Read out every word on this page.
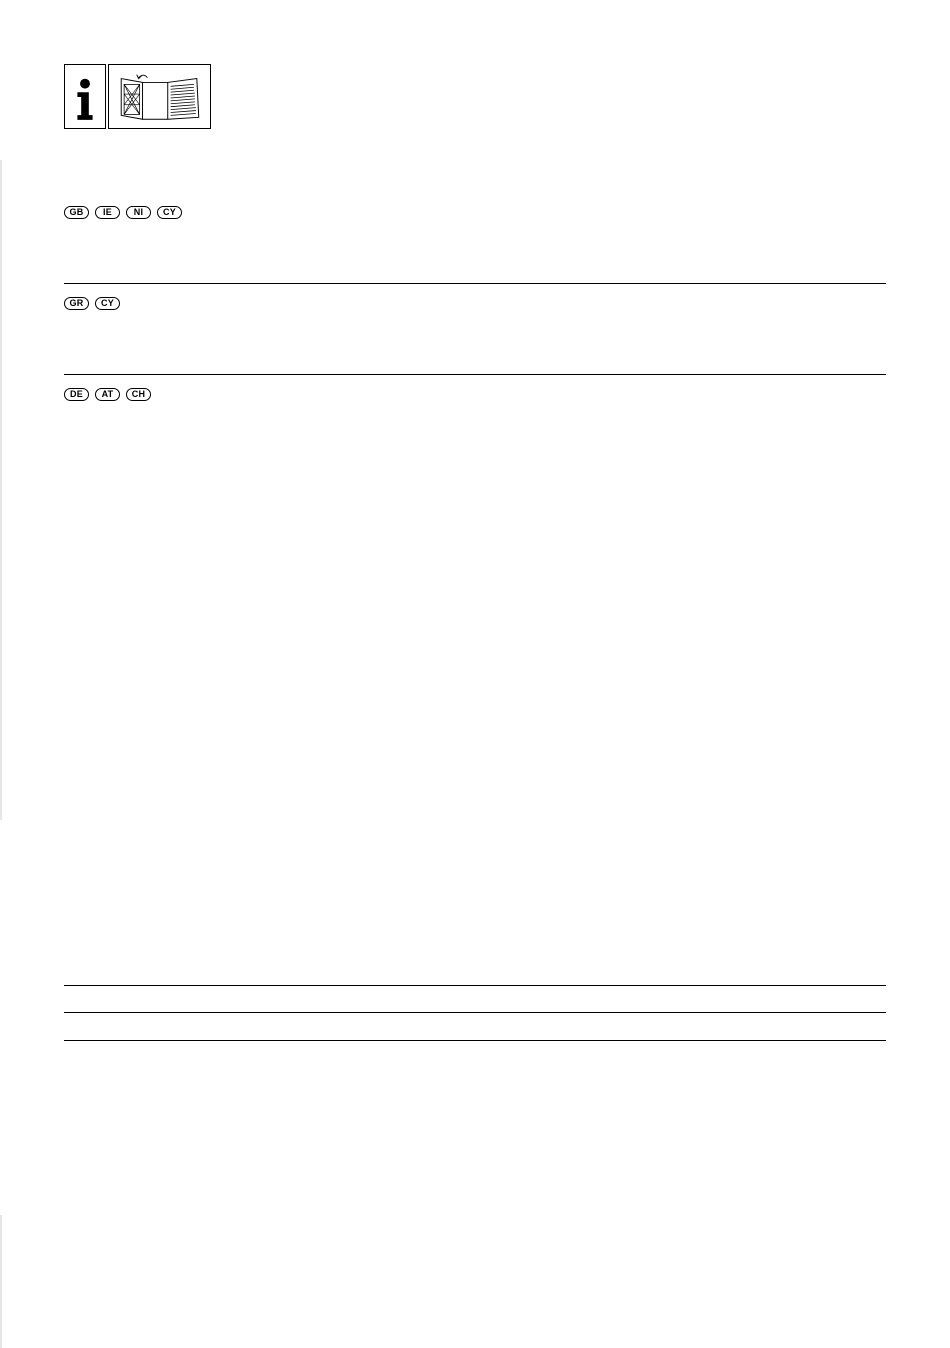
GB	IE	NI	CY
GR	CY
DE	AT	CH
